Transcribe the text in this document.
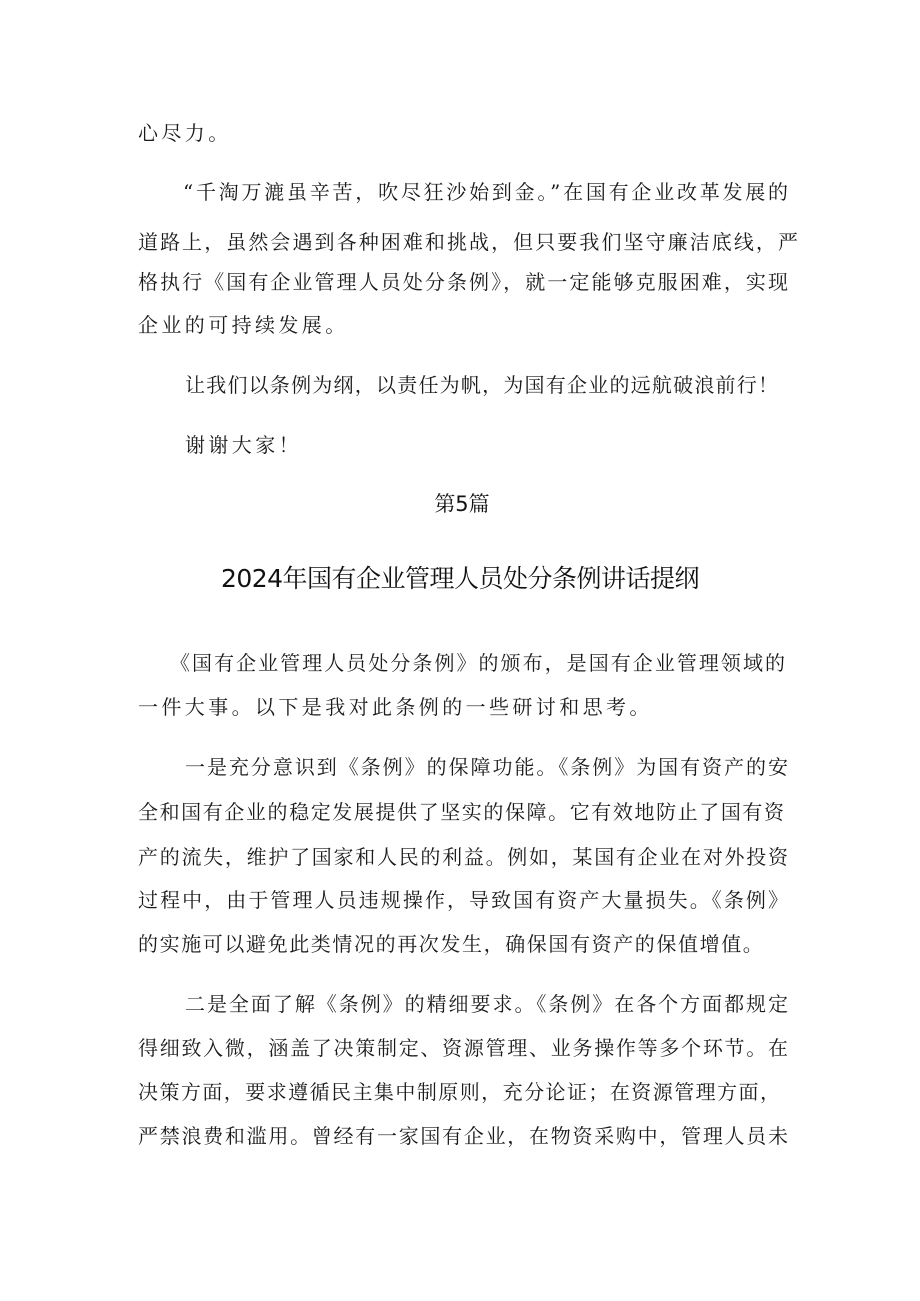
心尽力。
“千淘万漉虽辛苦，吹尽狂沙始到金。”在国有企业改革发展的
道路上，虽然会遇到各种困难和挑战，但只要我们坚守廉洁底线，严
格执行《国有企业管理人员处分条例》，就一定能够克服困难，实现
企业的可持续发展。
让我们以条例为纲，以责任为帆，为国有企业的远航破浪前行！
谢谢大家！
第5篇
2024年国有企业管理人员处分条例讲话提纲
《国有企业管理人员处分条例》的颁布，是国有企业管理领域的
一件大事。以下是我对此条例的一些研讨和思考。
一是充分意识到《条例》的保障功能。《条例》为国有资产的安
全和国有企业的稳定发展提供了坚实的保障。它有效地防止了国有资
产的流失，维护了国家和人民的利益。例如，某国有企业在对外投资
过程中，由于管理人员违规操作，导致国有资产大量损失。《条例》
的实施可以避免此类情况的再次发生，确保国有资产的保值增值。
二是全面了解《条例》的精细要求。《条例》在各个方面都规定
得细致入微，涵盖了决策制定、资源管理、业务操作等多个环节。在
决策方面，要求遵循民主集中制原则，充分论证；在资源管理方面，
严禁浪费和滥用。曾经有一家国有企业，在物资采购中，管理人员未
